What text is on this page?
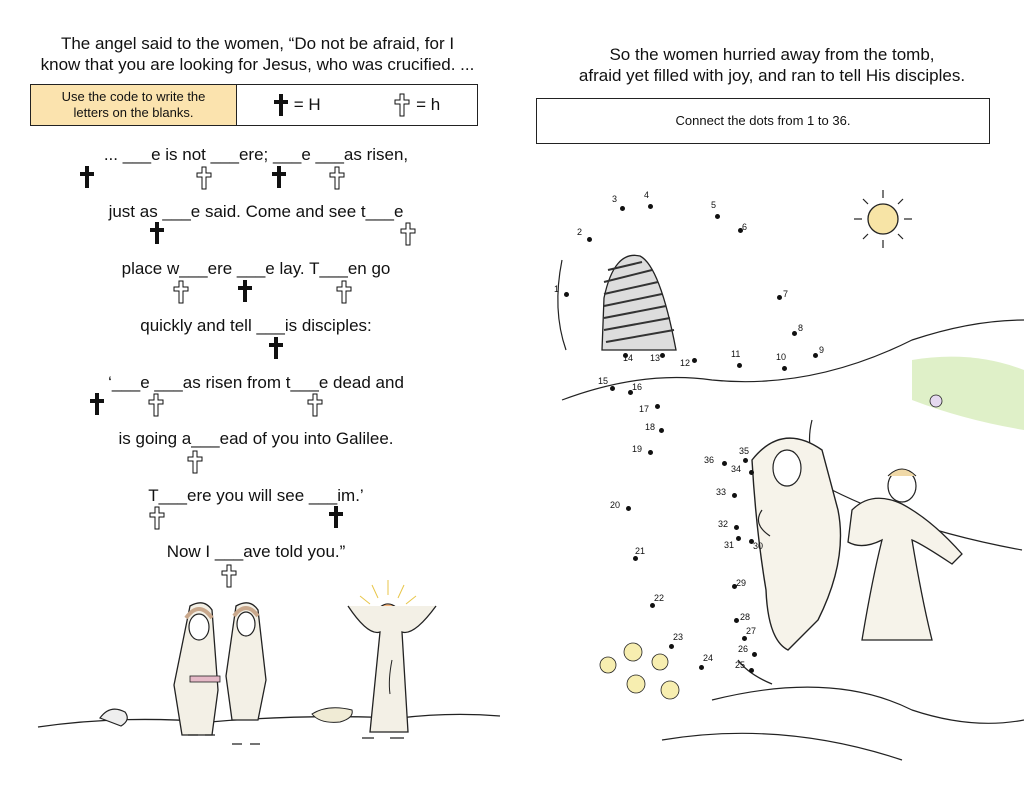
The angel said to the women, “Do not be afraid, for I
know that you are looking for Jesus, who was crucified. ...
Use the code to write the
letters on the blanks.	= H	= h
... ___e is not ___ere; ___e ___as risen,
just as ___e said. Come and see t___e
place w___ere ___e lay. T___en go
quickly and tell ___is disciples:
‘___e ___as risen from t___e dead and
is going a___ead of you into Galilee.
T___ere you will see ___im.’
Now I ___ave told you.”
So the women hurried away from the tomb,
afraid yet filled with joy, and ran to tell His disciples.
Connect the dots from 1 to 36.
1
2
3	4
5
6
7
8
9
10
11
12
13
14
15
16
17
18
19
20
21
22
23
24
25
26
27
28
29
30
31
32
33
34
35
36
